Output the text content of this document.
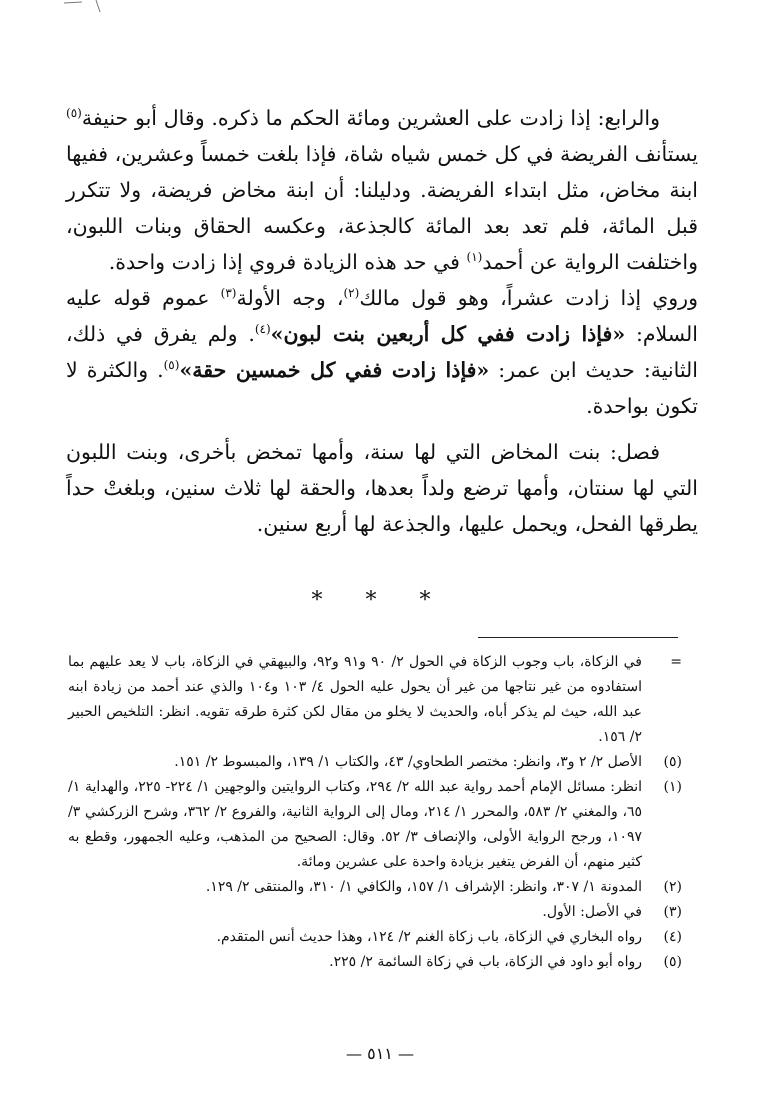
والرابع: إذا زادت على العشرين ومائة الحكم ما ذكره. وقال أبو حنيفة$^{(٥)}$ يستأنف الفريضة في كل خمس شياه شاة، فإذا بلغت خمساً وعشرين، ففيها ابنة مخاض، مثل ابتداء الفريضة. ودليلنا: أن ابنة مخاض فريضة، ولا تتكرر قبل المائة، فلم تعد بعد المائة كالجذعة، وعكسه الحقاق وبنات اللبون، واختلفت الرواية عن أحمد$^{(١)}$ في حد هذه الزيادة فروي إذا زادت واحدة.

وروي إذا زادت عشراً، وهو قول مالك$^{(٢)}$، وجه الأولة$^{(٣)}$ عموم قوله عليه السلام: «فإذا زادت ففي كل أربعين بنت لبون»$^{(٤)}$. ولم يفرق في ذلك، الثانية: حديث ابن عمر: «فإذا زادت ففي كل خمسين حقة»$^{(٥)}$. والكثرة لا تكون بواحدة.

فصل: بنت المخاض التي لها سنة، وأمها تمخض بأخرى، وبنت اللبون التي لها سنتان، وأمها ترضع ولداً بعدها، والحقة لها ثلاث سنين، وبلغتْ حداً يطرقها الفحل، ويحمل عليها، والجذعة لها أربع سنين.

* * *
=
في الزكاة، باب وجوب الزكاة في الحول ٢/ ٩٠ و٩١ و٩٢، والبيهقي في الزكاة، باب لا يعد عليهم بما استفادوه من غير نتاجها من غير أن يحول عليه الحول ٤/ ١٠٣ و١٠٤ والذي عند أحمد من زيادة ابنه عبد الله، حيث لم يذكر أباه، والحديث لا يخلو من مقال لكن كثرة طرقه تقويه. انظر: التلخيص الحبير ٢/ ١٥٦.
(٥)
الأصل ٢/ ٢ و٣، وانظر: مختصر الطحاوي/ ٤٣، والكتاب ١/ ١٣٩، والمبسوط ٢/ ١٥١.
(١)
انظر: مسائل الإمام أحمد رواية عبد الله ٢/ ٢٩٤، وكتاب الروايتين والوجهين ١/ ٢٢٤- ٢٢٥، والهداية ١/ ٦٥، والمغني ٢/ ٥٨٣، والمحرر ١/ ٢١٤، ومال إلى الرواية الثانية، والفروع ٢/ ٣٦٢، وشرح الزركشي ٣/ ١٠٩٧، ورجح الرواية الأولى، والإنصاف ٣/ ٥٢. وقال: الصحيح من المذهب، وعليه الجمهور، وقطع به كثير منهم، أن الفرض يتغير بزيادة واحدة على عشرين ومائة.
(٢)
المدونة ١/ ٣٠٧، وانظر: الإشراف ١/ ١٥٧، والكافي ١/ ٣١٠، والمنتقى ٢/ ١٢٩.
(٣)
في الأصل: الأول.
(٤)
رواه البخاري في الزكاة، باب زكاة الغنم ٢/ ١٢٤، وهذا حديث أنس المتقدم.
(٥)
رواه أبو داود في الزكاة، باب في زكاة السائمة ٢/ ٢٢٥.
— ٥١١ —
